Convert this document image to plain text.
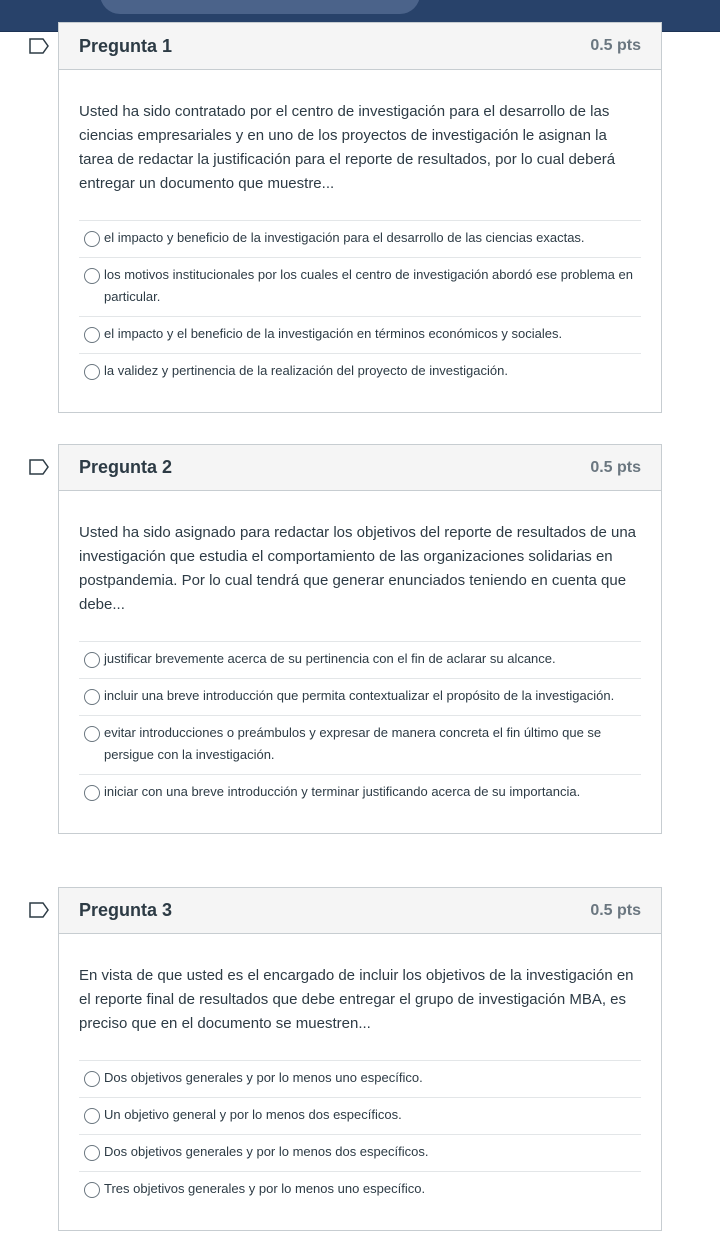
Pregunta 1	0.5 pts

Usted ha sido contratado por el centro de investigación para el desarrollo de las ciencias empresariales y en uno de los proyectos de investigación le asignan la tarea de redactar la justificación para el reporte de resultados, por lo cual deberá entregar un documento que muestre...

el impacto y beneficio de la investigación para el desarrollo de las ciencias exactas.
los motivos institucionales por los cuales el centro de investigación abordó ese problema en particular.
el impacto y el beneficio de la investigación en términos económicos y sociales.
la validez y pertinencia de la realización del proyecto de investigación.
Pregunta 2	0.5 pts

Usted ha sido asignado para redactar los objetivos del reporte de resultados de una investigación que estudia el comportamiento de las organizaciones solidarias en postpandemia. Por lo cual tendrá que generar enunciados teniendo en cuenta que debe...

justificar brevemente acerca de su pertinencia con el fin de aclarar su alcance.
incluir una breve introducción que permita contextualizar el propósito de la investigación.
evitar introducciones o preámbulos y expresar de manera concreta el fin último que se persigue con la investigación.
iniciar con una breve introducción y terminar justificando acerca de su importancia.
Pregunta 3	0.5 pts

En vista de que usted es el encargado de incluir los objetivos de la investigación en el reporte final de resultados que debe entregar el grupo de investigación MBA, es preciso que en el documento se muestren...

Dos objetivos generales y por lo menos uno específico.
Un objetivo general y por lo menos dos específicos.
Dos objetivos generales y por lo menos dos específicos.
Tres objetivos generales y por lo menos uno específico.
